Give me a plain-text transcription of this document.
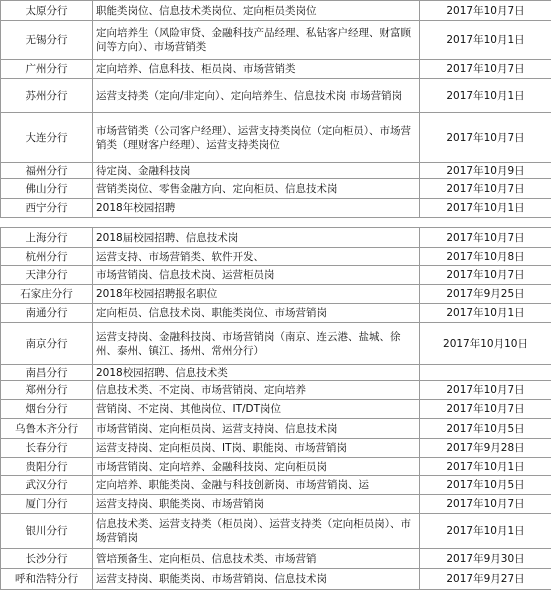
太原分行	职能类岗位、信息技术类岗位、定向柜员类岗位	2017年10月7日
无锡分行	定向培养生（风险审贷、金融科技产品经理、私钻客户经理、财富顾问等方向）、市场营销类	2017年10月1日
广州分行	定向培养、信息科技、柜员岗、市场营销类	2017年10月7日
苏州分行	运营支持类（定向/非定向）、定向培养生、信息技术岗 市场营销岗	2017年10月1日
大连分行	市场营销类（公司客户经理）、运营支持类岗位（定向柜员）、市场营销类（理财客户经理）、运营支持类岗位	2017年10月7日
福州分行	待定岗、金融科技岗	2017年10月9日
佛山分行	营销类岗位、零售金融方向、定向柜员、信息技术岗	2017年10月7日
西宁分行	2018年校园招聘	2017年10月1日
上海分行	2018届校园招聘、信息技术岗	2017年10月7日
杭州分行	运营支持、市场营销类、软件开发、	2017年10月8日
天津分行	市场营销岗、信息技术岗、运营柜员岗	2017年10月7日
石家庄分行	2018年校园招聘报名职位	2017年9月25日
南通分行	定向柜员、信息技术岗、职能类岗位、市场营销岗	2017年10月1日
南京分行	运营支持岗、金融科技岗、市场营销岗（南京、连云港、盐城、徐州、泰州、镇江、扬州、常州分行）	2017年10月10日
南昌分行	2018校园招聘、信息技术类	
郑州分行	信息技术类、不定岗、市场营销岗、定向培养	2017年10月7日
烟台分行	营销岗、不定岗、其他岗位、IT/DT岗位	2017年10月7日
乌鲁木齐分行	市场营销岗、定向柜员岗、运营支持岗、信息技术岗	2017年10月5日
长春分行	运营支持岗、定向柜员岗、IT岗、职能岗、市场营销岗	2017年9月28日
贵阳分行	市场营销岗、定向培养、金融科技岗、定向柜员岗	2017年10月1日
武汉分行	定向培养、职能类岗、金融与科技创新岗、市场营销岗、运	2017年10月5日
厦门分行	运营支持岗、职能类岗、市场营销岗	2017年10月7日
银川分行	信息技术类、运营支持类（柜员岗）、运营支持类（定向柜员岗）、市场营销岗	2017年10月1日
长沙分行	管培预备生、定向柜员、信息技术类、市场营销	2017年9月30日
呼和浩特分行	运营支持岗、职能类岗、市场营销岗、信息技术岗	2017年9月27日
